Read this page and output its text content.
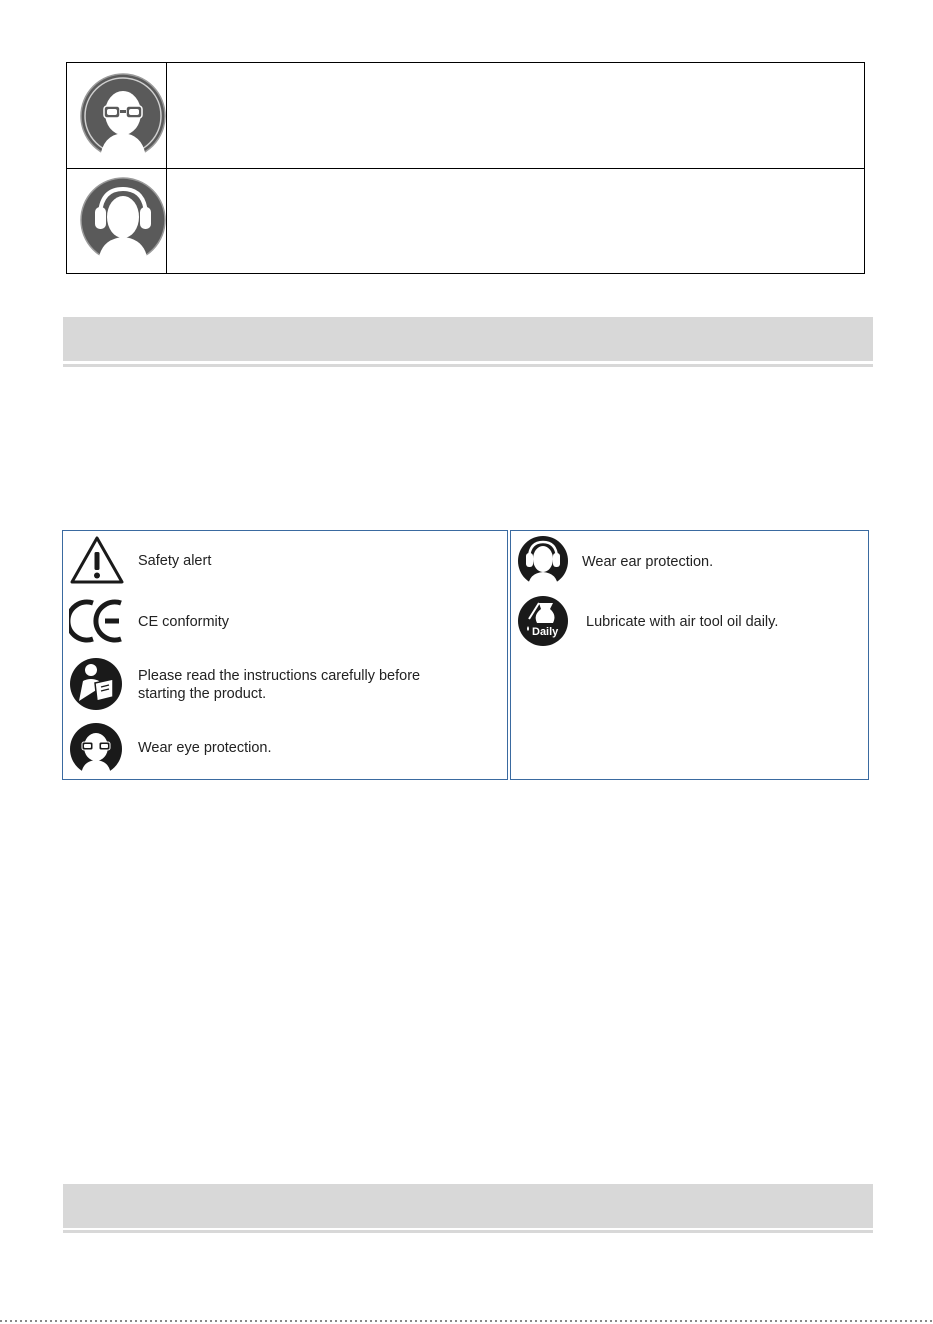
Safety alert
CE conformity
Please read the instructions carefully before
starting the product.
Wear eye protection.
Wear ear protection.
Daily
Lubricate with air tool oil daily.
